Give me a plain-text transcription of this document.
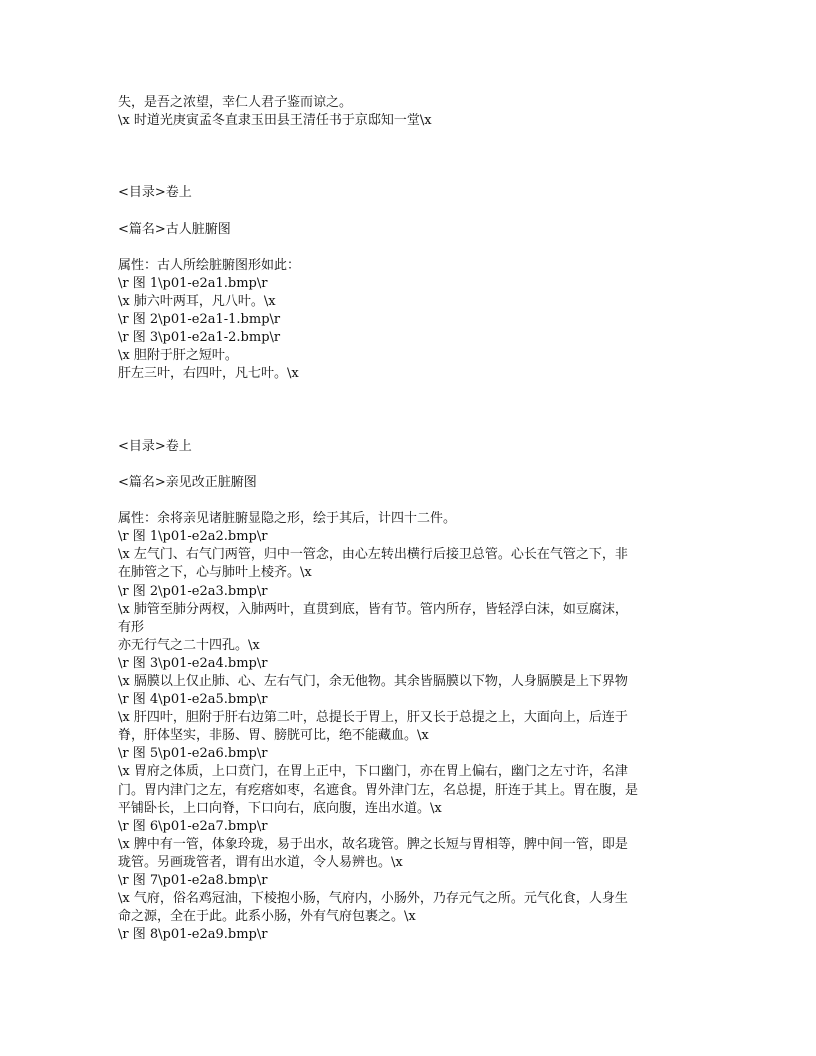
失，是吾之浓望，幸仁人君子鉴而谅之。
\x 时道光庚寅孟冬直隶玉田县王清任书于京邸知一堂\x
<目录>卷上
<篇名>古人脏腑图
属性：古人所绘脏腑图形如此：
\r 图 1\p01-e2a1.bmp\r
\x 肺六叶两耳，凡八叶。\x
\r 图 2\p01-e2a1-1.bmp\r
\r 图 3\p01-e2a1-2.bmp\r
\x 胆附于肝之短叶。
肝左三叶，右四叶，凡七叶。\x
<目录>卷上
<篇名>亲见改正脏腑图
属性：余将亲见诸脏腑显隐之形，绘于其后，计四十二件。
\r 图 1\p01-e2a2.bmp\r
\x 左气门、右气门两管，归中一管念，由心左转出横行后接卫总管。心长在气管之下，非
在肺管之下，心与肺叶上棱齐。\x
\r 图 2\p01-e2a3.bmp\r
\x 肺管至肺分两杈，入肺两叶，直贯到底，皆有节。管内所存，皆轻浮白沫，如豆腐沫，
有形
亦无行气之二十四孔。\x
\r 图 3\p01-e2a4.bmp\r
\x 膈膜以上仅止肺、心、左右气门，余无他物。其余皆膈膜以下物，人身膈膜是上下界物
\r 图 4\p01-e2a5.bmp\r
\x 肝四叶，胆附于肝右边第二叶，总提长于胃上，肝又长于总提之上，大面向上，后连于
脊，肝体坚实，非肠、胃、膀胱可比，绝不能藏血。\x
\r 图 5\p01-e2a6.bmp\r
\x 胃府之体质，上口贲门，在胃上正中，下口幽门，亦在胃上偏右，幽门之左寸许，名津
门。胃内津门之左，有疙瘩如枣，名遮食。胃外津门左，名总提，肝连于其上。胃在腹，是
平铺卧长，上口向脊，下口向右，底向腹，连出水道。\x
\r 图 6\p01-e2a7.bmp\r
\x 脾中有一管，体象玲珑，易于出水，故名珑管。脾之长短与胃相等，脾中间一管，即是
珑管。另画珑管者，谓有出水道，令人易辨也。\x
\r 图 7\p01-e2a8.bmp\r
\x 气府，俗名鸡冠油，下棱抱小肠，气府内，小肠外，乃存元气之所。元气化食，人身生
命之源，全在于此。此系小肠，外有气府包裹之。\x
\r 图 8\p01-e2a9.bmp\r
